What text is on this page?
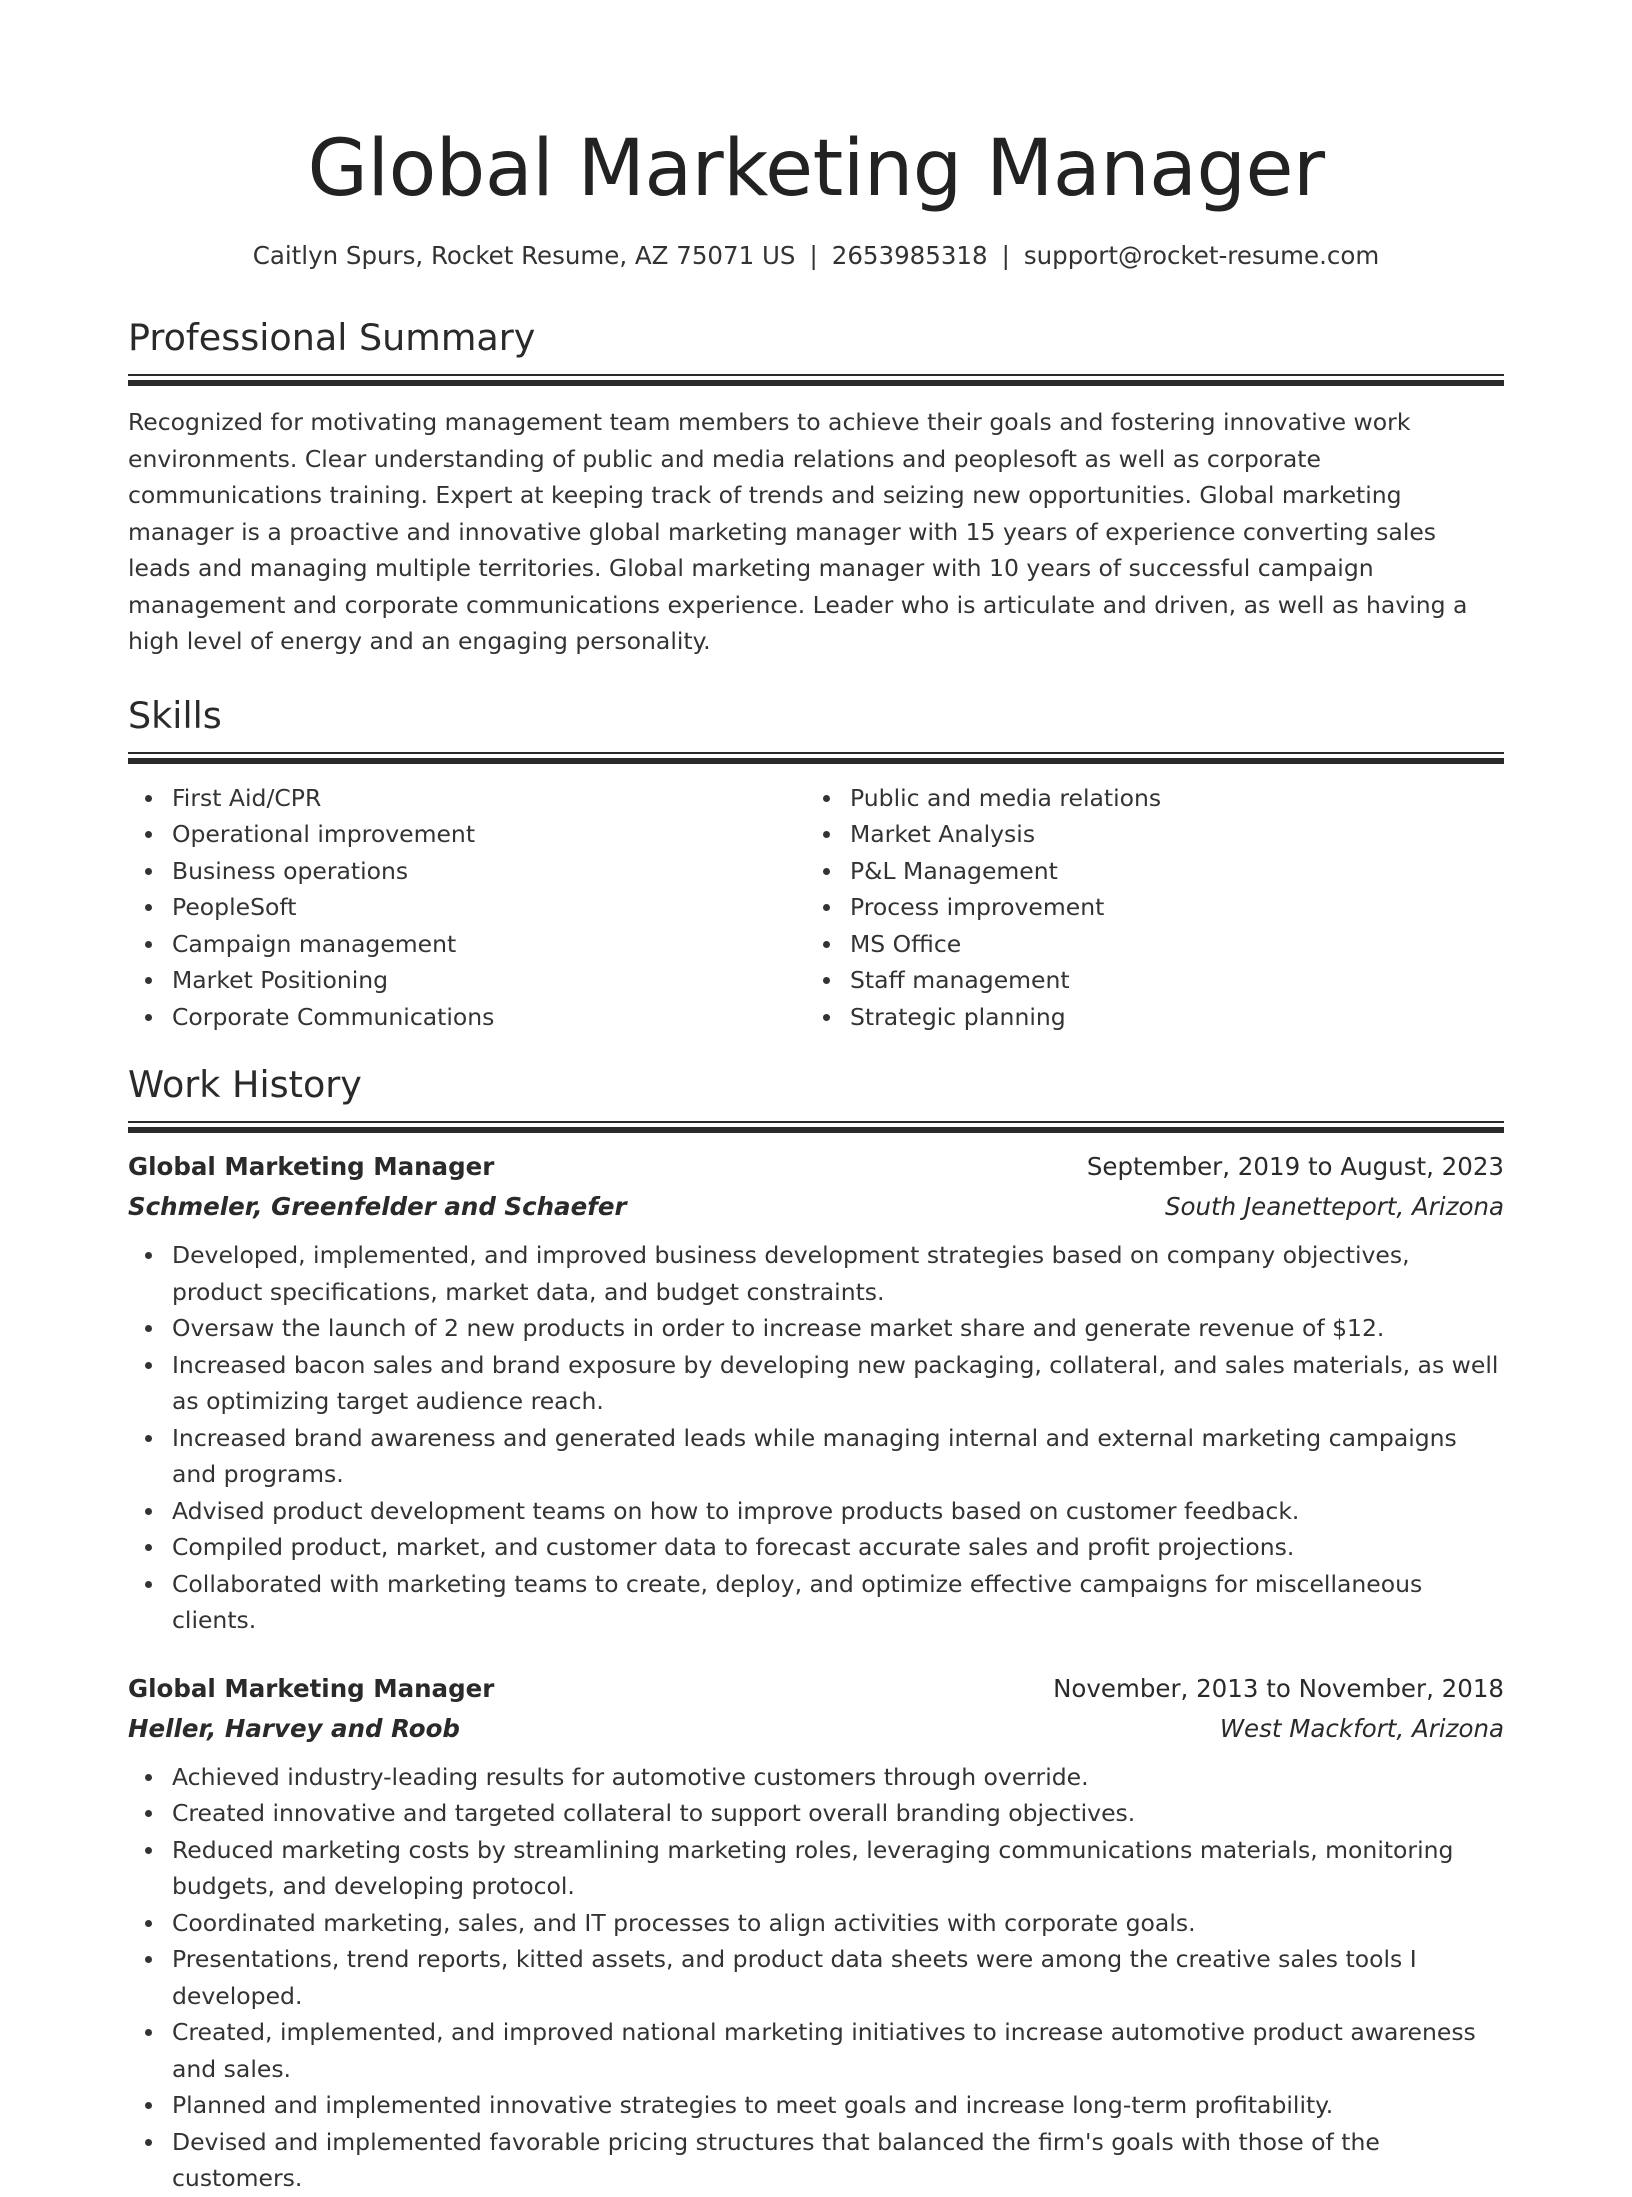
Global Marketing Manager
Caitlyn Spurs, Rocket Resume, AZ 75071 US | 2653985318 | support@rocket-resume.com
Professional Summary

Recognized for motivating management team members to achieve their goals and fostering innovative work environments. Clear understanding of public and media relations and peoplesoft as well as corporate communications training. Expert at keeping track of trends and seizing new opportunities. Global marketing manager is a proactive and innovative global marketing manager with 15 years of experience converting sales leads and managing multiple territories. Global marketing manager with 10 years of successful campaign management and corporate communications experience. Leader who is articulate and driven, as well as having a high level of energy and an engaging personality.

Skills
First Aid/CPR
Operational improvement
Business operations
PeopleSoft
Campaign management
Market Positioning
Corporate Communications
Public and media relations
Market Analysis
P&L Management
Process improvement
MS Office
Staff management
Strategic planning
Work History
Global Marketing Manager	September, 2019 to August, 2023
Schmeler, Greenfelder and Schaefer	South Jeanetteport, Arizona
Developed, implemented, and improved business development strategies based on company objectives, product specifications, market data, and budget constraints.
Oversaw the launch of 2 new products in order to increase market share and generate revenue of $12.
Increased bacon sales and brand exposure by developing new packaging, collateral, and sales materials, as well as optimizing target audience reach.
Increased brand awareness and generated leads while managing internal and external marketing campaigns and programs.
Advised product development teams on how to improve products based on customer feedback.
Compiled product, market, and customer data to forecast accurate sales and profit projections.
Collaborated with marketing teams to create, deploy, and optimize effective campaigns for miscellaneous clients.
Global Marketing Manager	November, 2013 to November, 2018
Heller, Harvey and Roob	West Mackfort, Arizona
Achieved industry-leading results for automotive customers through override.
Created innovative and targeted collateral to support overall branding objectives.
Reduced marketing costs by streamlining marketing roles, leveraging communications materials, monitoring budgets, and developing protocol.
Coordinated marketing, sales, and IT processes to align activities with corporate goals.
Presentations, trend reports, kitted assets, and product data sheets were among the creative sales tools I developed.
Created, implemented, and improved national marketing initiatives to increase automotive product awareness and sales.
Planned and implemented innovative strategies to meet goals and increase long-term profitability.
Devised and implemented favorable pricing structures that balanced the firm's goals with those of the customers.
